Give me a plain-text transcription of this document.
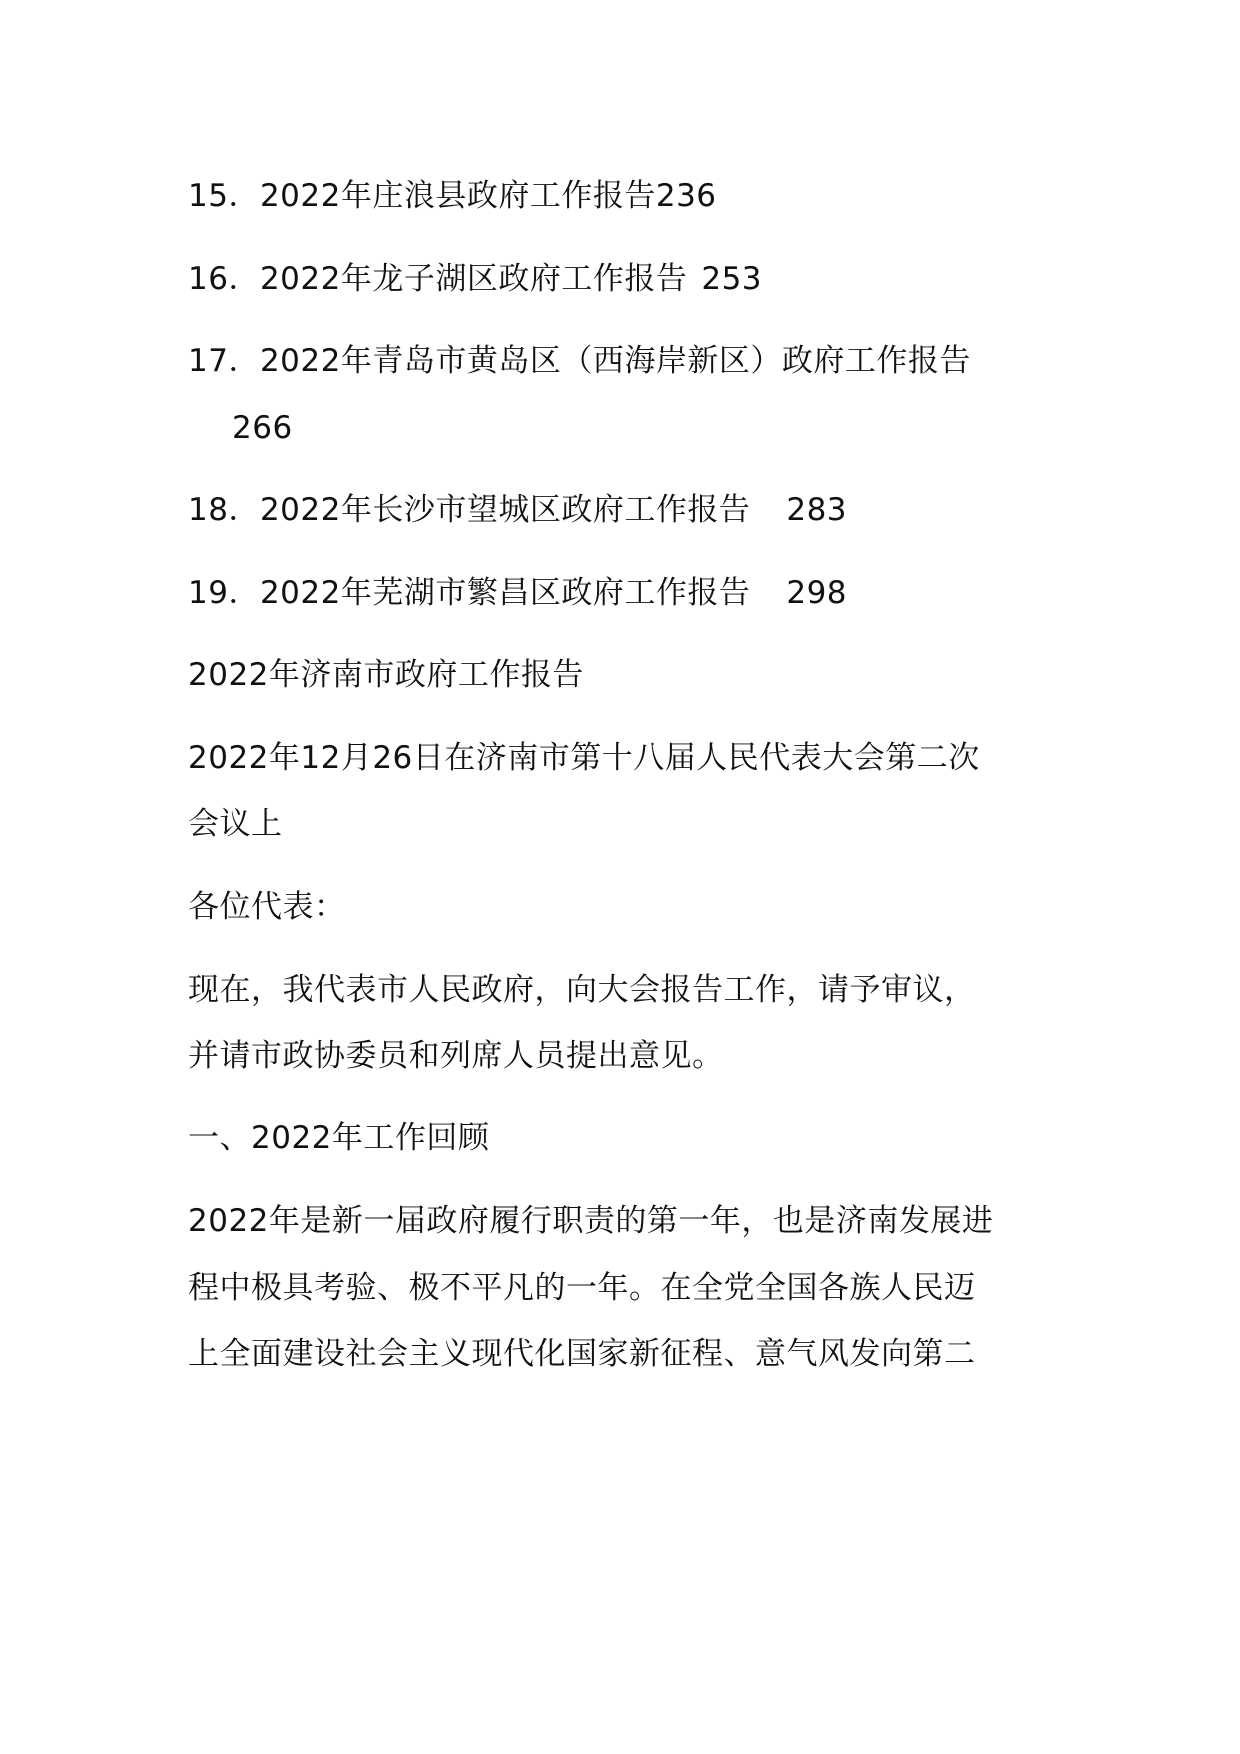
15．2022年庄浪县政府工作报告236
16．2022年龙子湖区政府工作报告 253
17．2022年青岛市黄岛区（西海岸新区）政府工作报告
266
18．2022年长沙市望城区政府工作报告 283
19．2022年芜湖市繁昌区政府工作报告 298
2022年济南市政府工作报告
2022年12月26日在济南市第十八届人民代表大会第二次
会议上
各位代表：
现在，我代表市人民政府，向大会报告工作，请予审议，
并请市政协委员和列席人员提出意见。
一、2022年工作回顾
2022年是新一届政府履行职责的第一年，也是济南发展进
程中极具考验、极不平凡的一年。在全党全国各族人民迈
上全面建设社会主义现代化国家新征程、意气风发向第二
